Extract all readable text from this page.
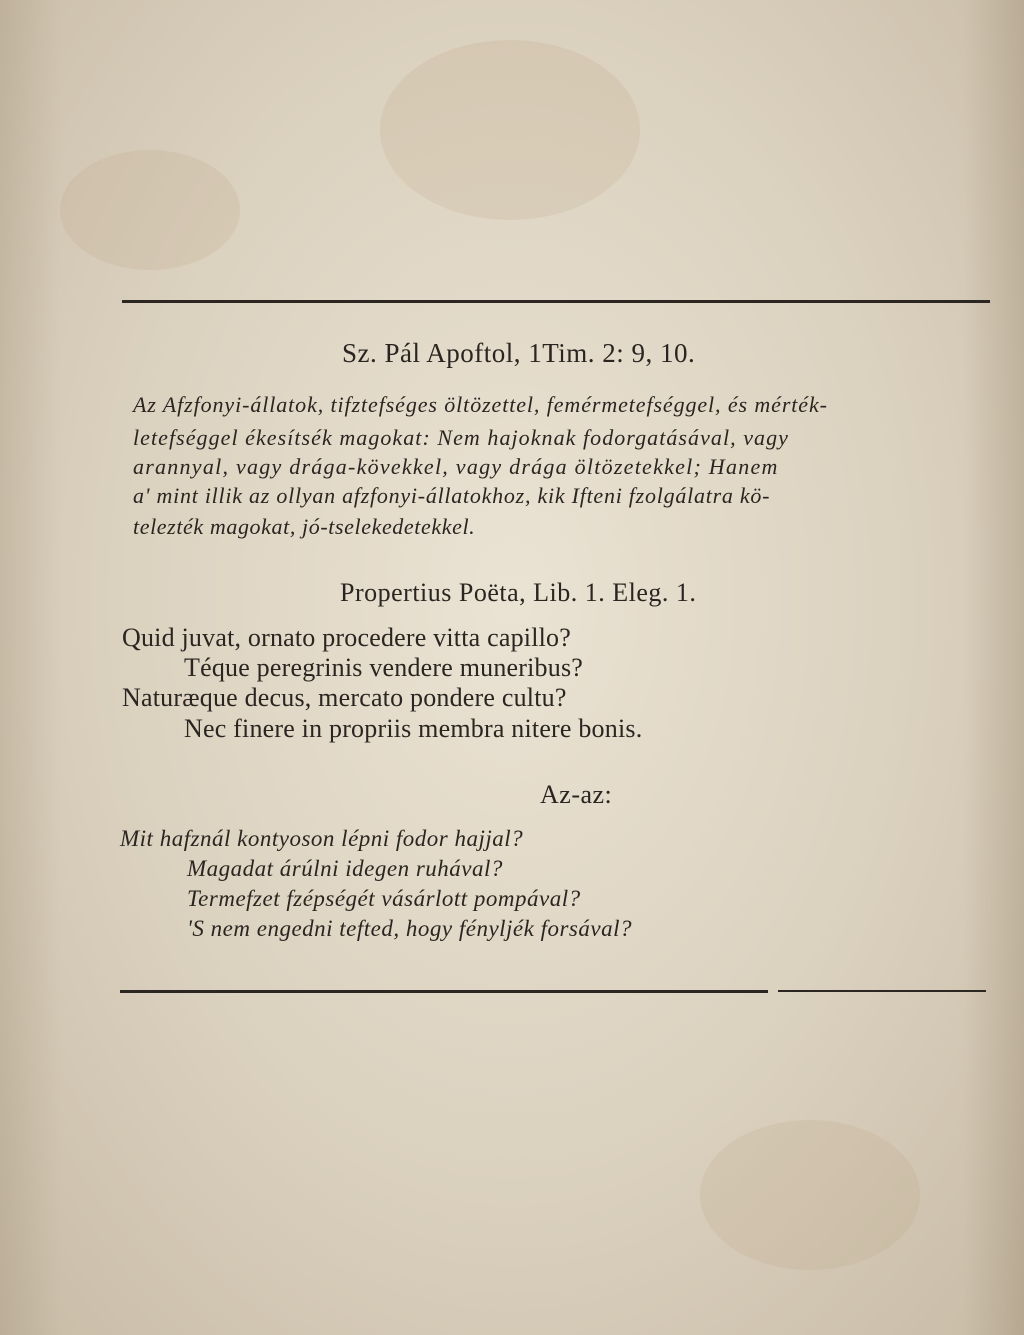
Sz. Pál Apoftol, 1Tim. 2: 9, 10.
Az Afzfonyi-állatok, tifztefséges öltözettel, femérmetefséggel, és mérték-
letefséggel ékesítsék magokat: Nem hajoknak fodorgatásával, vagy
arannyal, vagy drága-kövekkel, vagy drága öltözetekkel; Hanem
a' mint illik az ollyan afzfonyi-állatokhoz, kik Ifteni fzolgálatra kö-
telezték magokat, jó-tselekedetekkel.
Propertius Poëta, Lib. 1. Eleg. 1.
Quid juvat, ornato procedere vitta capillo?
Téque peregrinis vendere muneribus?
Naturæque decus, mercato pondere cultu?
Nec finere in propriis membra nitere bonis.
Az-az:
Mit hafznál kontyoson lépni fodor hajjal?
Magadat árúlni idegen ruhával?
Termefzet fzépségét vásárlott pompával?
'S nem engedni tefted, hogy fényljék forsával?
